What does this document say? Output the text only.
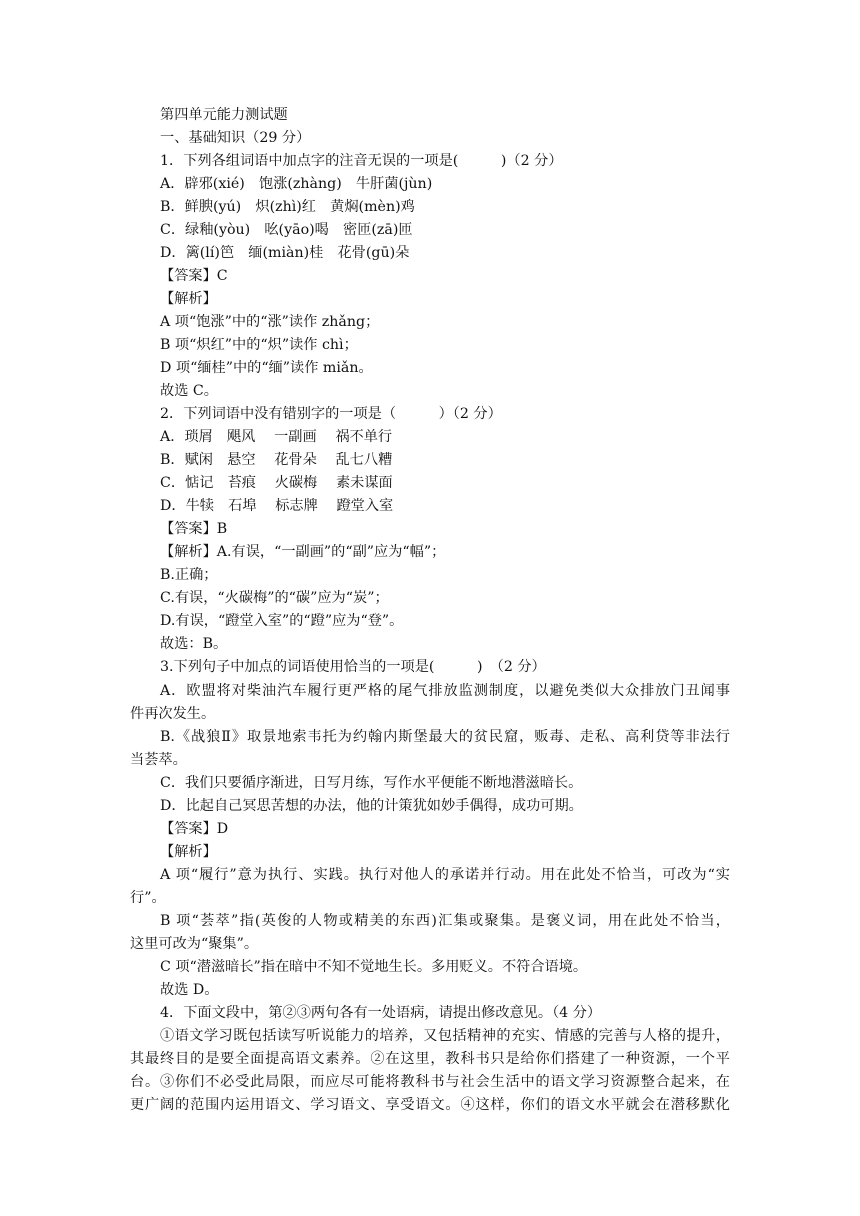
第四单元能力测试题
一、基础知识（29 分）
1．下列各组词语中加点字的注音无误的一项是(　　　)（2 分）
A．辟邪(xié)　饱涨(zhàng)　牛肝菌(jùn)
B．鲜腴(yú)　炽(zhì)红　黄焖(mèn)鸡
C．绿釉(yòu)　吆(yāo)喝　密匝(zā)匝
D．篱(lí)笆　缅(miàn)桂　花骨(gū)朵
【答案】C
【解析】
A 项“饱涨”中的“涨”读作 zhǎng；
B 项“炽红”中的“炽”读作 chì；
D 项“缅桂”中的“缅”读作 miǎn。
故选 C。
2．下列词语中没有错别字的一项是（　　　）（2 分）
A．琐屑　飓风　 一副画　 祸不单行
B．赋闲　悬空　 花骨朵　 乱七八糟
C．惦记　苔痕　 火碳梅　 素未谋面
D．牛犊　石埠　 标志牌　 蹬堂入室
【答案】B
【解析】A.有误，“一副画”的“副”应为“幅”；
B.正确；
C.有误，“火碳梅”的“碳”应为“炭”；
D.有误，“蹬堂入室”的“蹬”应为“登”。
故选：B。
3.下列句子中加点的词语使用恰当的一项是(　　　)　（2 分）
A．欧盟将对柴油汽车履行更严格的尾气排放监测制度，以避免类似大众排放门丑闻事
件再次发生。
B.《战狼Ⅱ》取景地索韦托为约翰内斯堡最大的贫民窟，贩毒、走私、高利贷等非法行
当荟萃。
C．我们只要循序渐进，日写月练，写作水平便能不断地潜滋暗长。
D．比起自己冥思苦想的办法，他的计策犹如妙手偶得，成功可期。
【答案】D
【解析】
A 项“履行”意为执行、实践。执行对他人的承诺并行动。用在此处不恰当，可改为“实
行”。
B 项“荟萃”指(英俊的人物或精美的东西)汇集或聚集。是褒义词，用在此处不恰当，
这里可改为“聚集”。
C 项“潜滋暗长”指在暗中不知不觉地生长。多用贬义。不符合语境。
故选 D。
4．下面文段中，第②③两句各有一处语病，请提出修改意见。（4 分）
①语文学习既包括读写听说能力的培养，又包括精神的充实、情感的完善与人格的提升，
其最终目的是要全面提高语文素养。②在这里，教科书只是给你们搭建了一种资源，一个平
台。③你们不必受此局限，而应尽可能将教科书与社会生活中的语文学习资源整合起来，在
更广阔的范围内运用语文、学习语文、享受语文。④这样，你们的语文水平就会在潜移默化
